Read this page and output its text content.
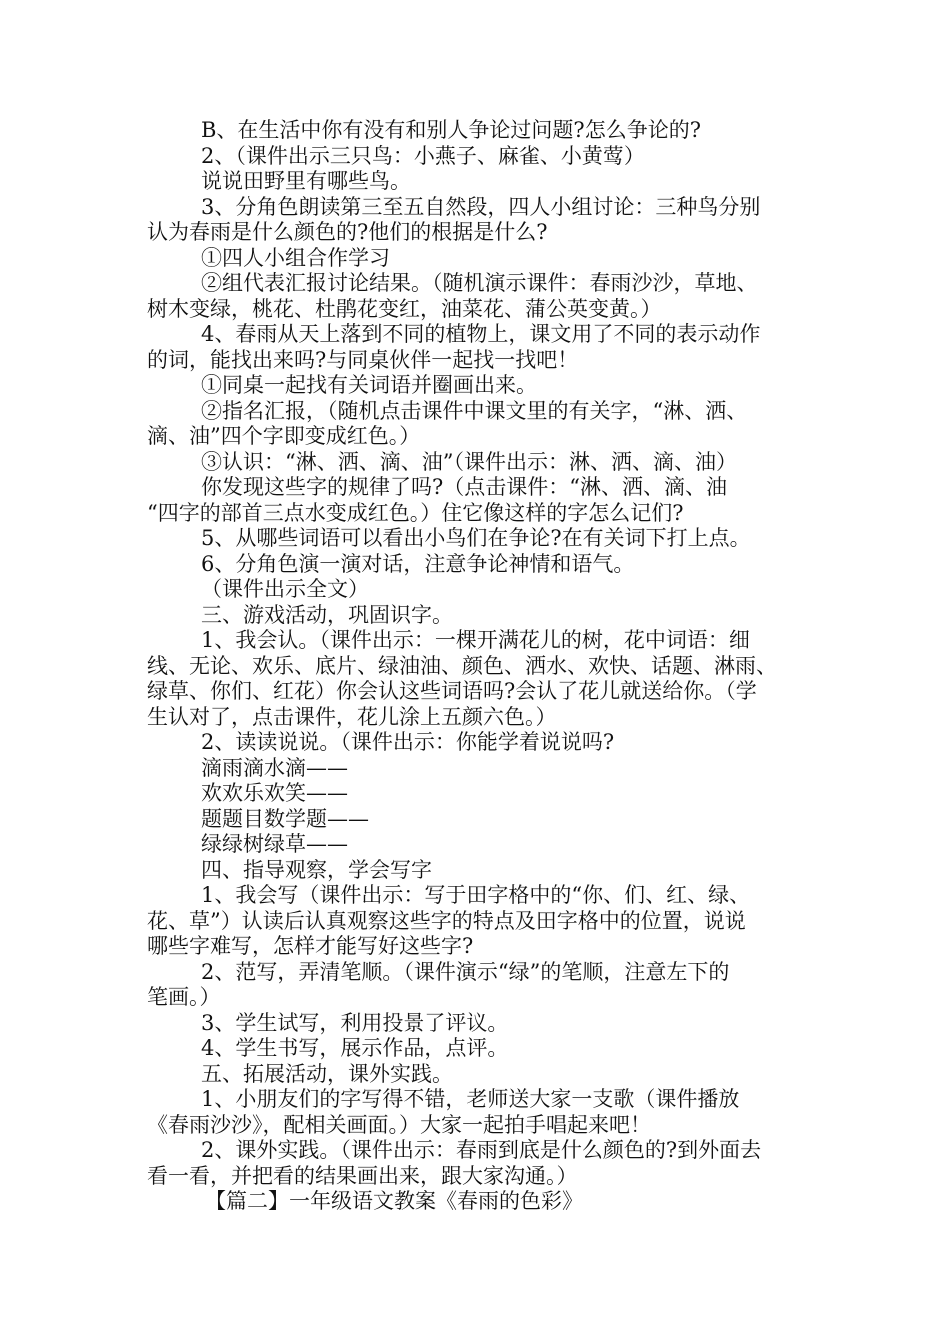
B、在生活中你有没有和别人争论过问题?怎么争论的?
2、（课件出示三只鸟：小燕子、麻雀、小黄莺）
说说田野里有哪些鸟。
3、分角色朗读第三至五自然段，四人小组讨论：三种鸟分别
认为春雨是什么颜色的?他们的根据是什么?
①四人小组合作学习
②组代表汇报讨论结果。（随机演示课件：春雨沙沙，草地、
树木变绿，桃花、杜鹃花变红，油菜花、蒲公英变黄。）
4、春雨从天上落到不同的植物上，课文用了不同的表示动作
的词，能找出来吗?与同桌伙伴一起找一找吧！
①同桌一起找有关词语并圈画出来。
②指名汇报，（随机点击课件中课文里的有关字，“淋、洒、
滴、油”四个字即变成红色。）
③认识：“淋、洒、滴、油”（课件出示：淋、洒、滴、油）
你发现这些字的规律了吗?（点击课件：“淋、洒、滴、油
“四字的部首三点水变成红色。）住它像这样的字怎么记们?
5、从哪些词语可以看出小鸟们在争论?在有关词下打上点。
6、分角色演一演对话，注意争论神情和语气。
（课件出示全文）
三、游戏活动，巩固识字。
1、我会认。（课件出示：一棵开满花儿的树，花中词语：细
线、无论、欢乐、底片、绿油油、颜色、洒水、欢快、话题、淋雨、
绿草、你们、红花）你会认这些词语吗?会认了花儿就送给你。（学
生认对了，点击课件，花儿涂上五颜六色。）
2、读读说说。（课件出示：你能学着说说吗?
滴雨滴水滴——
欢欢乐欢笑——
题题目数学题——
绿绿树绿草——
四、指导观察，学会写字
1、我会写（课件出示：写于田字格中的“你、们、红、绿、
花、草”）认读后认真观察这些字的特点及田字格中的位置，说说
哪些字难写，怎样才能写好这些字?
2、范写，弄清笔顺。（课件演示“绿”的笔顺，注意左下的
笔画。）
3、学生试写，利用投景了评议。
4、学生书写，展示作品，点评。
五、拓展活动，课外实践。
1、小朋友们的字写得不错，老师送大家一支歌（课件播放
《春雨沙沙》，配相关画面。）大家一起拍手唱起来吧！
2、课外实践。（课件出示：春雨到底是什么颜色的?到外面去
看一看，并把看的结果画出来，跟大家沟通。）
【篇二】一年级语文教案《春雨的色彩》
